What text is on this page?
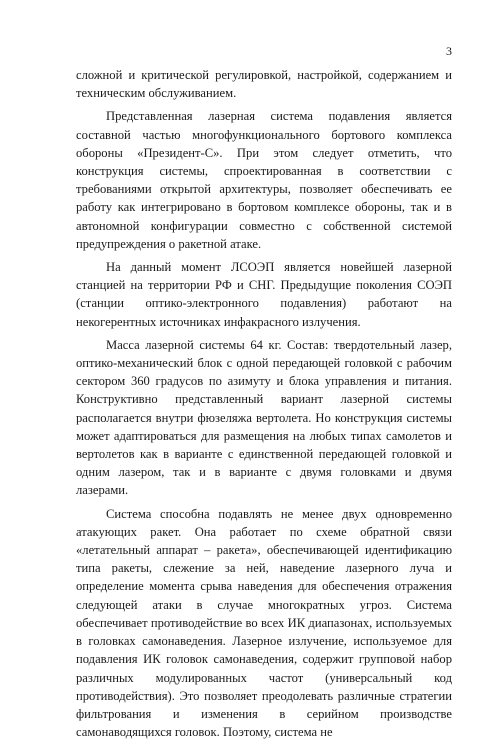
3

сложной и критической регулировкой, настройкой, содержанием и техническим обслуживанием.

Представленная лазерная система подавления является составной частью многофункционального бортового комплекса обороны «Президент-С». При этом следует отметить, что конструкция системы, спроектированная в соответствии с требованиями открытой архитектуры, позволяет обеспечивать ее работу как интегрировано в бортовом комплексе обороны, так и в автономной конфигурации совместно с собственной системой предупреждения о ракетной атаке.

На данный момент ЛСОЭП является новейшей лазерной станцией на территории РФ и СНГ. Предыдущие поколения СОЭП (станции оптико-электронного подавления) работают на некогерентных источниках инфакрасного излучения.

Масса лазерной системы 64 кг. Состав: твердотельный лазер, оптико-механический блок с одной передающей головкой с рабочим сектором 360 градусов по азимуту и блока управления и питания. Конструктивно представленный вариант лазерной системы располагается внутри фюзеляжа вертолета. Но конструкция системы может адаптироваться для размещения на любых типах самолетов и вертолетов как в варианте с единственной передающей головкой и одним лазером, так и в варианте с двумя головками и двумя лазерами.

Система способна подавлять не менее двух одновременно атакующих ракет. Она работает по схеме обратной связи «летательный аппарат – ракета», обеспечивающей идентификацию типа ракеты, слежение за ней, наведение лазерного луча и определение момента срыва наведения для обеспечения отражения следующей атаки в случае многократных угроз. Система обеспечивает противодействие во всех ИК диапазонах, используемых в головках самонаведения. Лазерное излучение, используемое для подавления ИК головок самонаведения, содержит групповой набор различных модулированных частот (универсальный код противодействия). Это позволяет преодолевать различные стратегии фильтрования и изменения в серийном производстве самонаводящихся головок. Поэтому, система не
